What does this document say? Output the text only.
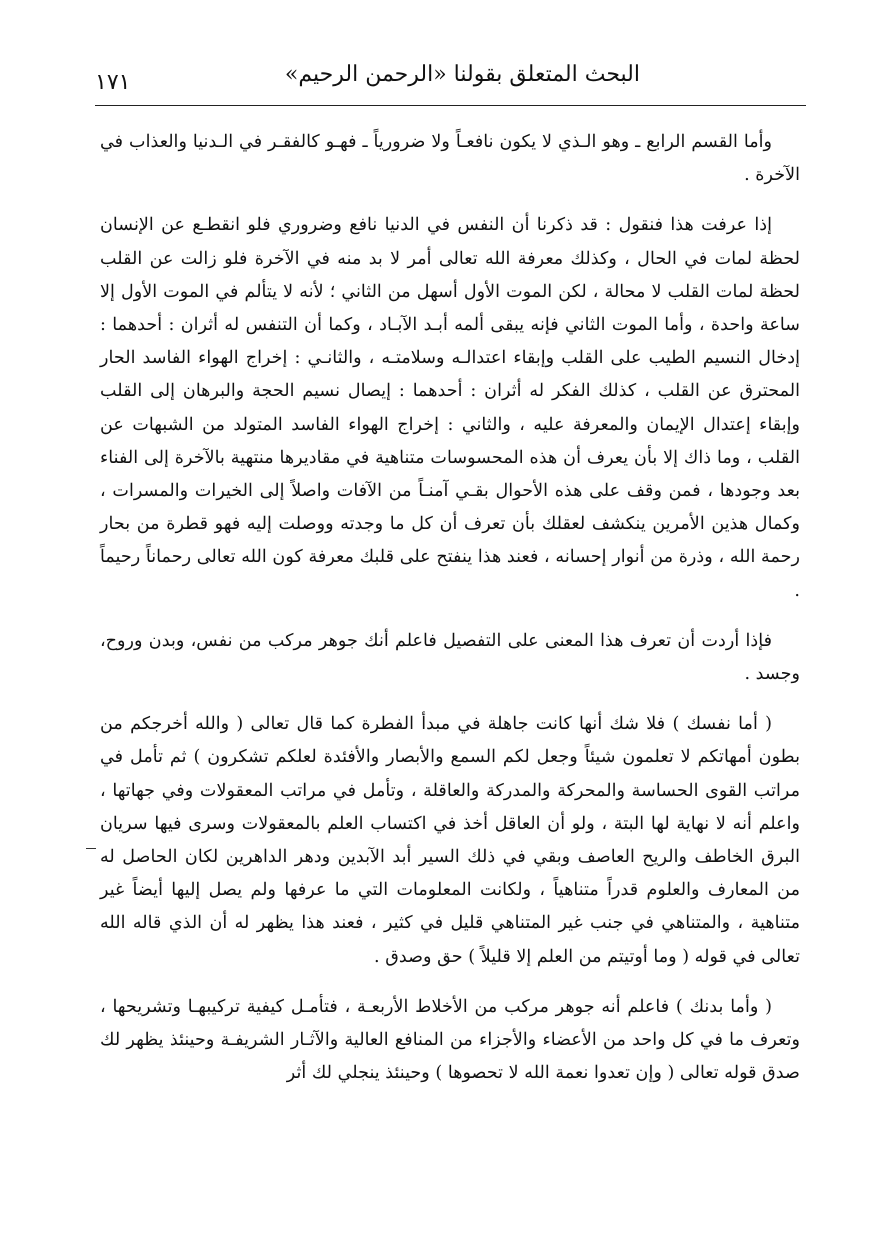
البحث المتعلق بقولنا «الرحمن الرحيم»
١٧١

وأما القسم الرابع ـ وهو الـذي لا يكون نافعـاً ولا ضرورياً ـ فهـو كالفقـر في الـدنيا والعذاب في الآخرة .

إذا عرفت هذا فنقول : قد ذكرنا أن النفس في الدنيا نافع وضروري فلو انقطـع عن الإنسان لحظة لمات في الحال ، وكذلك معرفة الله تعالى أمر لا بد منه في الآخرة فلو زالت عن القلب لحظة لمات القلب لا محالة ، لكن الموت الأول أسهل من الثاني ؛ لأنه لا يتألم في الموت الأول إلا ساعة واحدة ، وأما الموت الثاني فإنه يبقى ألمه أبـد الآبـاد ، وكما أن التنفس له أثران : أحدهما : إدخال النسيم الطيب على القلب وإبقاء اعتدالـه وسلامتـه ، والثانـي : إخراج الهواء الفاسد الحار المحترق عن القلب ، كذلك الفكر له أثران : أحدهما : إيصال نسيم الحجة والبرهان إلى القلب وإبقاء إعتدال الإيمان والمعرفة عليه ، والثاني : إخراج الهواء الفاسد المتولد من الشبهات عن القلب ، وما ذاك إلا بأن يعرف أن هذه المحسوسات متناهية في مقاديرها منتهية بالآخرة إلى الفناء بعد وجودها ، فمن وقف على هذه الأحوال بقـي آمنـاً من الآفات واصلاً إلى الخيرات والمسرات ، وكمال هذين الأمرين ينكشف لعقلك بأن تعرف أن كل ما وجدته ووصلت إليه فهو قطرة من بحار رحمة الله ، وذرة من أنوار إحسانه ، فعند هذا ينفتح على قلبك معرفة كون الله تعالى رحماناً رحيماً .

فإذا أردت أن تعرف هذا المعنى على التفصيل فاعلم أنك جوهر مركب من نفس، وبدن وروح، وجسد .

( أما نفسك ) فلا شك أنها كانت جاهلة في مبدأ الفطرة كما قال تعالى ( والله أخرجكم من بطون أمهاتكم لا تعلمون شيئاً وجعل لكم السمع والأبصار والأفئدة لعلكم تشكرون ) ثم تأمل في مراتب القوى الحساسة والمحركة والمدركة والعاقلة ، وتأمل في مراتب المعقولات وفي جهاتها ، واعلم أنه لا نهاية لها البتة ، ولو أن العاقل أخذ في اكتساب العلم بالمعقولات وسرى فيها سريان البرق الخاطف والريح العاصف وبقي في ذلك السير أبد الآبدين ودهر الداهرين لكان الحاصل له من المعارف والعلوم قدراً متناهياً ، ولكانت المعلومات التي ما عرفها ولم يصل إليها أيضاً غير متناهية ، والمتناهي في جنب غير المتناهي قليل في كثير ، فعند هذا يظهر له أن الذي قاله الله تعالى في قوله ( وما أوتيتم من العلم إلا قليلاً ) حق وصدق .

( وأما بدنك ) فاعلم أنه جوهر مركب من الأخلاط الأربعـة ، فتأمـل كيفية تركيبهـا وتشريحها ، وتعرف ما في كل واحد من الأعضاء والأجزاء من المنافع العالية والآثـار الشريفـة وحينئذ يظهر لك صدق قوله تعالى ( وإن تعدوا نعمة الله لا تحصوها ) وحينئذ ينجلي لك أثر
